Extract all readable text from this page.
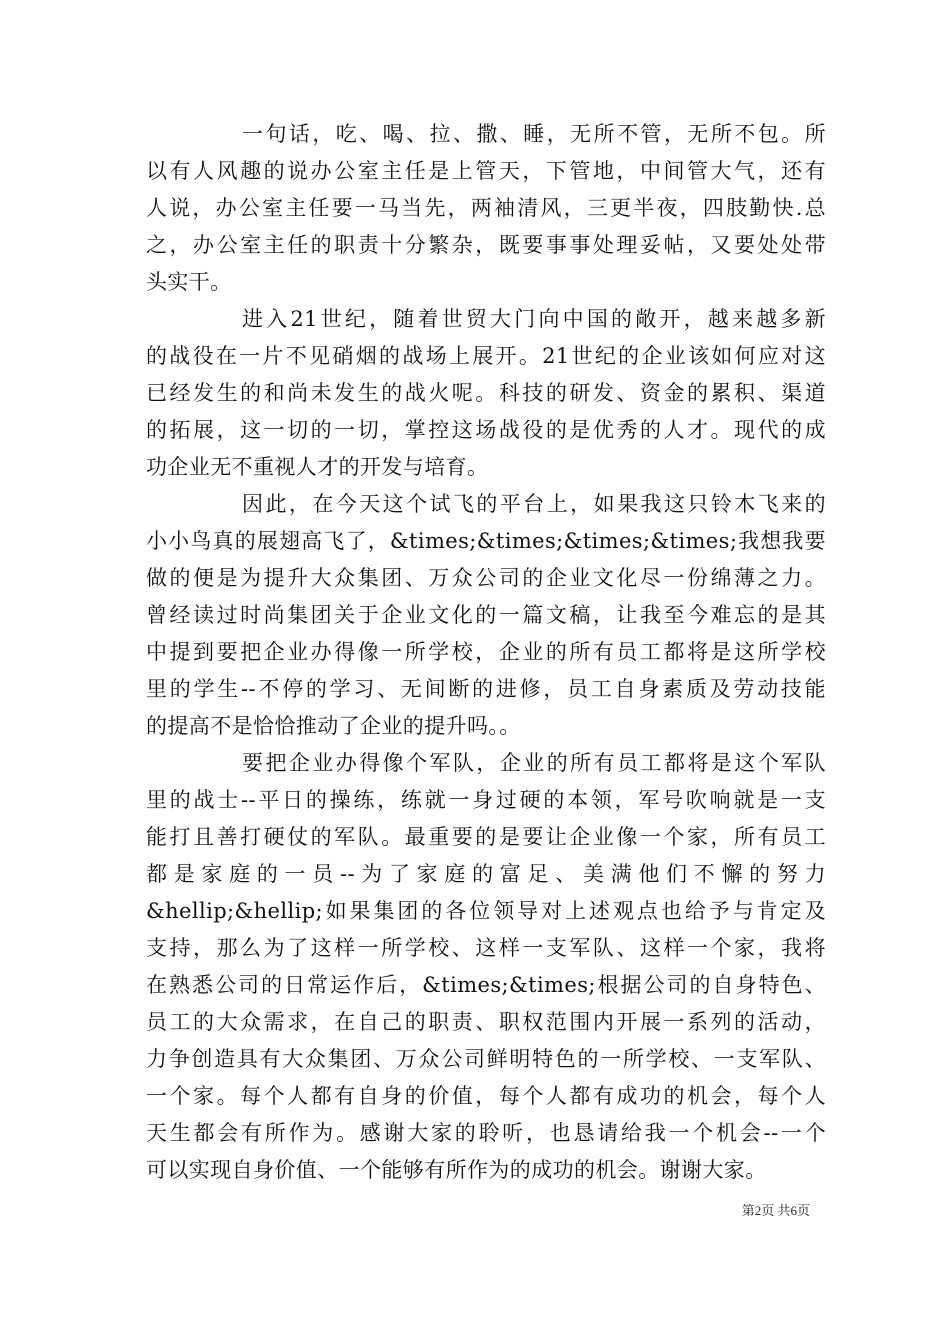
一句话，吃、喝、拉、撒、睡，无所不管，无所不包。所
以有人风趣的说办公室主任是上管天，下管地，中间管大气，还有
人说，办公室主任要一马当先，两袖清风，三更半夜，四肢勤快.总
之，办公室主任的职责十分繁杂，既要事事处理妥帖，又要处处带
头实干。
进入21世纪，随着世贸大门向中国的敞开，越来越多新
的战役在一片不见硝烟的战场上展开。21世纪的企业该如何应对这
已经发生的和尚未发生的战火呢。科技的研发、资金的累积、渠道
的拓展，这一切的一切，掌控这场战役的是优秀的人才。现代的成
功企业无不重视人才的开发与培育。
因此，在今天这个试飞的平台上，如果我这只铃木飞来的
小小鸟真的展翅高飞了，&times;&times;&times;&times;我想我要
做的便是为提升大众集团、万众公司的企业文化尽一份绵薄之力。
曾经读过时尚集团关于企业文化的一篇文稿，让我至今难忘的是其
中提到要把企业办得像一所学校，企业的所有员工都将是这所学校
里的学生--不停的学习、无间断的进修，员工自身素质及劳动技能
的提高不是恰恰推动了企业的提升吗。。
要把企业办得像个军队，企业的所有员工都将是这个军队
里的战士--平日的操练，练就一身过硬的本领，军号吹响就是一支
能打且善打硬仗的军队。最重要的是要让企业像一个家，所有员工
都是家庭的一员--为了家庭的富足、美满他们不懈的努力
&hellip;&hellip;如果集团的各位领导对上述观点也给予与肯定及
支持，那么为了这样一所学校、这样一支军队、这样一个家，我将
在熟悉公司的日常运作后，&times;&times;根据公司的自身特色、
员工的大众需求，在自己的职责、职权范围内开展一系列的活动，
力争创造具有大众集团、万众公司鲜明特色的一所学校、一支军队、
一个家。每个人都有自身的价值，每个人都有成功的机会，每个人
天生都会有所作为。感谢大家的聆听，也恳请给我一个机会--一个
可以实现自身价值、一个能够有所作为的成功的机会。谢谢大家。
第2页 共6页
